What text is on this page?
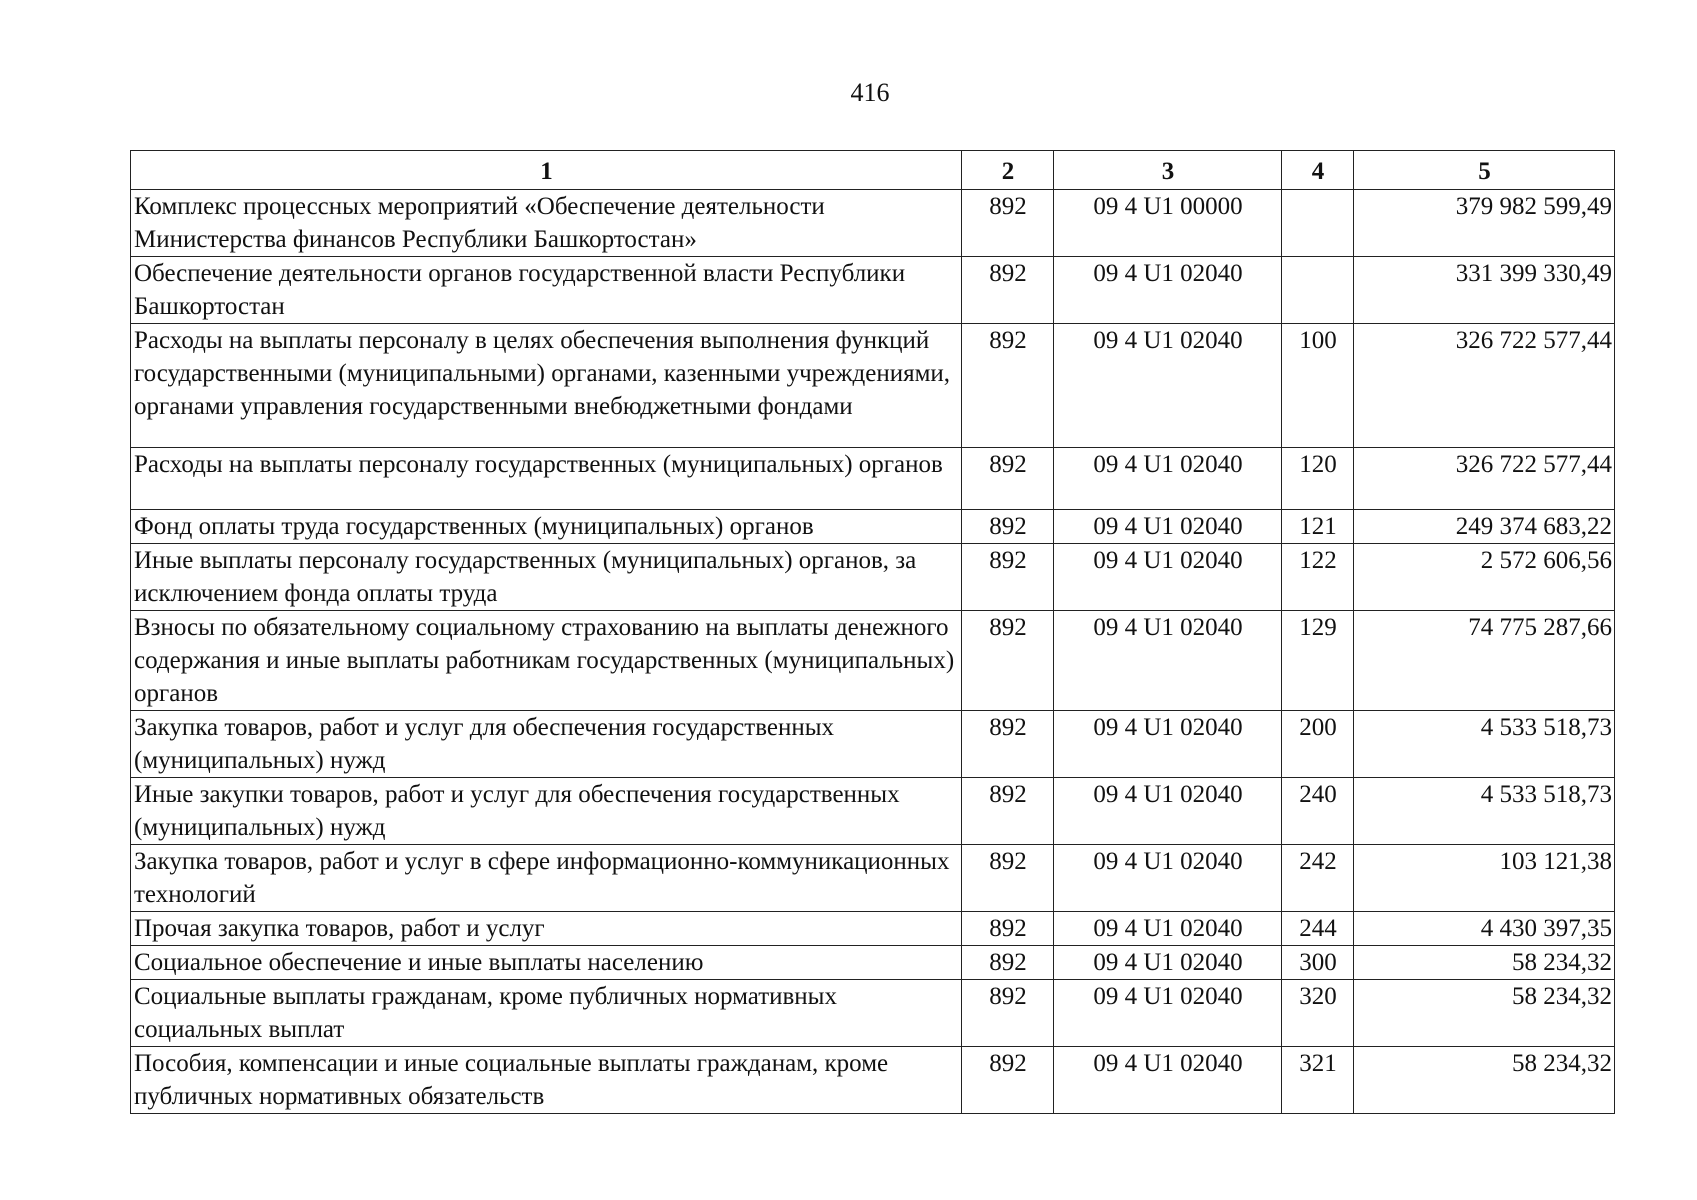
416
1	2	3	4	5
Комплекс процессных мероприятий «Обеспечение деятельности Министерства финансов Республики Башкортостан»	892	09 4 U1 00000		379 982 599,49
Обеспечение деятельности органов государственной власти Республики Башкортостан	892	09 4 U1 02040		331 399 330,49
Расходы на выплаты персоналу в целях обеспечения выполнения функций государственными (муниципальными) органами, казенными учреждениями, органами управления государственными внебюджетными фондами	892	09 4 U1 02040	100	326 722 577,44
Расходы на выплаты персоналу государственных (муниципальных) органов	892	09 4 U1 02040	120	326 722 577,44
Фонд оплаты труда государственных (муниципальных) органов	892	09 4 U1 02040	121	249 374 683,22
Иные выплаты персоналу государственных (муниципальных) органов, за исключением фонда оплаты труда	892	09 4 U1 02040	122	2 572 606,56
Взносы по обязательному социальному страхованию на выплаты денежного содержания и иные выплаты работникам государственных (муниципальных) органов	892	09 4 U1 02040	129	74 775 287,66
Закупка товаров, работ и услуг для обеспечения государственных (муниципальных) нужд	892	09 4 U1 02040	200	4 533 518,73
Иные закупки товаров, работ и услуг для обеспечения государственных (муниципальных) нужд	892	09 4 U1 02040	240	4 533 518,73
Закупка товаров, работ и услуг в сфере информационно-коммуникационных технологий	892	09 4 U1 02040	242	103 121,38
Прочая закупка товаров, работ и услуг	892	09 4 U1 02040	244	4 430 397,35
Социальное обеспечение и иные выплаты населению	892	09 4 U1 02040	300	58 234,32
Социальные выплаты гражданам, кроме публичных нормативных социальных выплат	892	09 4 U1 02040	320	58 234,32
Пособия, компенсации и иные социальные выплаты гражданам, кроме публичных нормативных обязательств	892	09 4 U1 02040	321	58 234,32
